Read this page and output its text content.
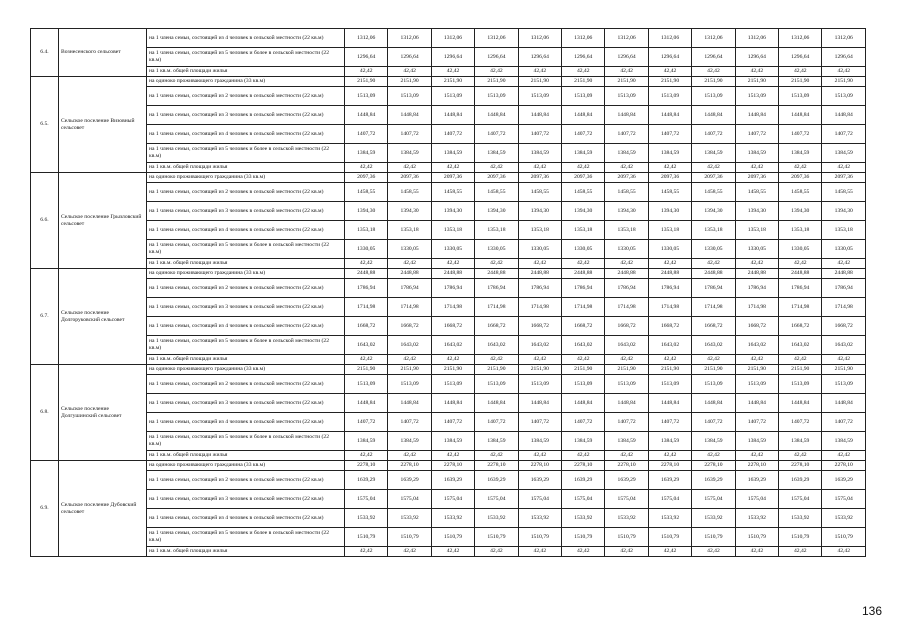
6.4.	Вознесенского сельсовет	на 1 члена семьи, состоящей из 4 человек в сельской местности (22 кв.м)	1312,06	1312,06	1312,06	1312,06	1312,06	1312,06	1312,06	1312,06	1312,06	1312,06	1312,06	1312,06
		на 1 члена семьи, состоящей из 5 человек и более в сельской местности (22 кв.м)	1296,64	1296,64	1296,64	1296,64	1296,64	1296,64	1296,64	1296,64	1296,64	1296,64	1296,64	1296,64
		на 1 кв.м. общей площади жилья	42,42	42,42	42,42	42,42	42,42	42,42	42,42	42,42	42,42	42,42	42,42	42,42
6.5.	Сельское поселение Визовный сельсовет	на одиноко проживающего гражданина (33 кв.м)	2151,90	2151,90	2151,90	2151,90	2151,90	2151,90	2151,90	2151,90	2151,90	2151,90	2151,90	2151,90
		на 1 члена семьи, состоящей из 2 человек в сельской местности (22 кв.м)	1513,09	1513,09	1513,09	1513,09	1513,09	1513,09	1513,09	1513,09	1513,09	1513,09	1513,09	1513,09
		на 1 члена семьи, состоящей из 3 человек в сельской местности (22 кв.м)	1448,84	1448,84	1448,84	1448,84	1448,84	1448,84	1448,84	1448,84	1448,84	1448,84	1448,84	1448,84
		на 1 члена семьи, состоящей из 4 человек в сельской местности (22 кв.м)	1407,72	1407,72	1407,72	1407,72	1407,72	1407,72	1407,72	1407,72	1407,72	1407,72	1407,72	1407,72
		на 1 члена семьи, состоящей из 5 человек и более в сельской местности (22 кв.м)	1384,59	1384,59	1384,59	1384,59	1384,59	1384,59	1384,59	1384,59	1384,59	1384,59	1384,59	1384,59
		на 1 кв.м. общей площади жилья	42,42	42,42	42,42	42,42	42,42	42,42	42,42	42,42	42,42	42,42	42,42	42,42
6.6.	Сельское поселение Грызловский сельсовет	на одиноко проживающего гражданина (33 кв.м)	2097,36	2097,36	2097,36	2097,36	2097,36	2097,36	2097,36	2097,36	2097,36	2097,36	2097,36	2097,36
		на 1 члена семьи, состоящей из 2 человек в сельской местности (22 кв.м)	1458,55	1458,55	1458,55	1458,55	1458,55	1458,55	1458,55	1458,55	1458,55	1458,55	1458,55	1458,55
		на 1 члена семьи, состоящей из 3 человек в сельской местности (22 кв.м)	1394,30	1394,30	1394,30	1394,30	1394,30	1394,30	1394,30	1394,30	1394,30	1394,30	1394,30	1394,30
		на 1 члена семьи, состоящей из 4 человек в сельской местности (22 кв.м)	1353,18	1353,18	1353,18	1353,18	1353,18	1353,18	1353,18	1353,18	1353,18	1353,18	1353,18	1353,18
		на 1 члена семьи, состоящей из 5 человек и более в сельской местности (22 кв.м)	1330,05	1330,05	1330,05	1330,05	1330,05	1330,05	1330,05	1330,05	1330,05	1330,05	1330,05	1330,05
		на 1 кв.м. общей площади жилья	42,42	42,42	42,42	42,42	42,42	42,42	42,42	42,42	42,42	42,42	42,42	42,42
6.7.	Сельское поселение Долгоруковский сельсовет	на одиноко проживающего гражданина (33 кв.м)	2448,88	2448,88	2448,88	2448,88	2448,88	2448,88	2448,88	2448,88	2448,88	2448,88	2448,88	2448,88
		на 1 члена семьи, состоящей из 2 человек в сельской местности (22 кв.м)	1786,94	1786,94	1786,94	1786,94	1786,94	1786,94	1786,94	1786,94	1786,94	1786,94	1786,94	1786,94
		на 1 члена семьи, состоящей из 3 человек в сельской местности (22 кв.м)	1714,98	1714,98	1714,98	1714,98	1714,98	1714,98	1714,98	1714,98	1714,98	1714,98	1714,98	1714,98
		на 1 члена семьи, состоящей из 4 человек в сельской местности (22 кв.м)	1668,72	1668,72	1668,72	1668,72	1668,72	1668,72	1668,72	1668,72	1668,72	1668,72	1668,72	1668,72
		на 1 члена семьи, состоящей из 5 человек и более в сельской местности (22 кв.м)	1643,02	1643,02	1643,02	1643,02	1643,02	1643,02	1643,02	1643,02	1643,02	1643,02	1643,02	1643,02
		на 1 кв.м. общей площади жилья	42,42	42,42	42,42	42,42	42,42	42,42	42,42	42,42	42,42	42,42	42,42	42,42
6.8.	Сельское поселение Долгушинский сельсовет	на одиноко проживающего гражданина (33 кв.м)	2151,90	2151,90	2151,90	2151,90	2151,90	2151,90	2151,90	2151,90	2151,90	2151,90	2151,90	2151,90
		на 1 члена семьи, состоящей из 2 человек в сельской местности (22 кв.м)	1513,09	1513,09	1513,09	1513,09	1513,09	1513,09	1513,09	1513,09	1513,09	1513,09	1513,09	1513,09
		на 1 члена семьи, состоящей из 3 человек в сельской местности (22 кв.м)	1448,84	1448,84	1448,84	1448,84	1448,84	1448,84	1448,84	1448,84	1448,84	1448,84	1448,84	1448,84
		на 1 члена семьи, состоящей из 4 человек в сельской местности (22 кв.м)	1407,72	1407,72	1407,72	1407,72	1407,72	1407,72	1407,72	1407,72	1407,72	1407,72	1407,72	1407,72
		на 1 члена семьи, состоящей из 5 человек и более в сельской местности (22 кв.м)	1384,59	1384,59	1384,59	1384,59	1384,59	1384,59	1384,59	1384,59	1384,59	1384,59	1384,59	1384,59
		на 1 кв.м. общей площади жилья	42,42	42,42	42,42	42,42	42,42	42,42	42,42	42,42	42,42	42,42	42,42	42,42
6.9.	Сельское поселение Дубовский сельсовет	на одиноко проживающего гражданина (33 кв.м)	2278,10	2278,10	2278,10	2278,10	2278,10	2278,10	2278,10	2278,10	2278,10	2278,10	2278,10	2278,10
		на 1 члена семьи, состоящей из 2 человек в сельской местности (22 кв.м)	1639,29	1639,29	1639,29	1639,29	1639,29	1639,29	1639,29	1639,29	1639,29	1639,29	1639,29	1639,29
		на 1 члена семьи, состоящей из 3 человек в сельской местности (22 кв.м)	1575,04	1575,04	1575,04	1575,04	1575,04	1575,04	1575,04	1575,04	1575,04	1575,04	1575,04	1575,04
		на 1 члена семьи, состоящей из 4 человек в сельской местности (22 кв.м)	1533,92	1533,92	1533,92	1533,92	1533,92	1533,92	1533,92	1533,92	1533,92	1533,92	1533,92	1533,92
		на 1 члена семьи, состоящей из 5 человек и более в сельской местности (22 кв.м)	1510,79	1510,79	1510,79	1510,79	1510,79	1510,79	1510,79	1510,79	1510,79	1510,79	1510,79	1510,79
		на 1 кв.м. общей площади жилья	42,42	42,42	42,42	42,42	42,42	42,42	42,42	42,42	42,42	42,42	42,42	42,42
136
